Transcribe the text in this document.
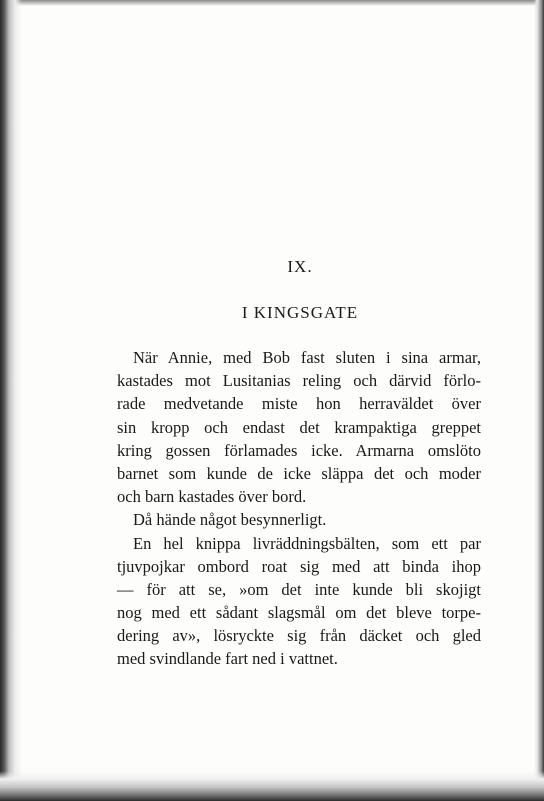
IX.
I KINGSGATE
När Annie, med Bob fast sluten i sina armar,
kastades mot Lusitanias reling och därvid förlo-
rade medvetande miste hon herraväldet över
sin kropp och endast det krampaktiga greppet
kring gossen förlamades icke. Armarna omslöto
barnet som kunde de icke släppa det och moder
och barn kastades över bord.
Då hände något besynnerligt.
En hel knippa livräddningsbälten, som ett par
tjuvpojkar ombord roat sig med att binda ihop
— för att se, »om det inte kunde bli skojigt
nog med ett sådant slagsmål om det bleve torpe-
dering av», lösryckte sig från däcket och gled
med svindlande fart ned i vattnet.
